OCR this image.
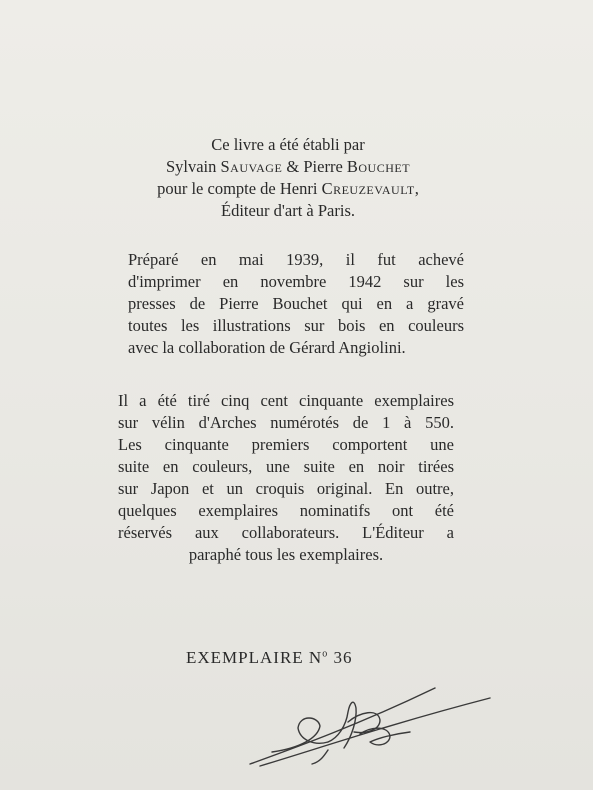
Ce livre a été établi par
Sylvain Sauvage & Pierre Bouchet
pour le compte de Henri Creuzevault,
Éditeur d'art à Paris.

Préparé en mai 1939, il fut achevé
d'imprimer en novembre 1942 sur les
presses de Pierre Bouchet qui en a gravé
toutes les illustrations sur bois en couleurs
avec la collaboration de Gérard Angiolini.

Il a été tiré cinq cent cinquante exemplaires
sur vélin d'Arches numérotés de 1 à 550.
Les cinquante premiers comportent une
suite en couleurs, une suite en noir tirées
sur Japon et un croquis original. En outre,
quelques exemplaires nominatifs ont été
réservés aux collaborateurs. L'Éditeur a
paraphé tous les exemplaires.

EXEMPLAIRE $N^o$ 36
